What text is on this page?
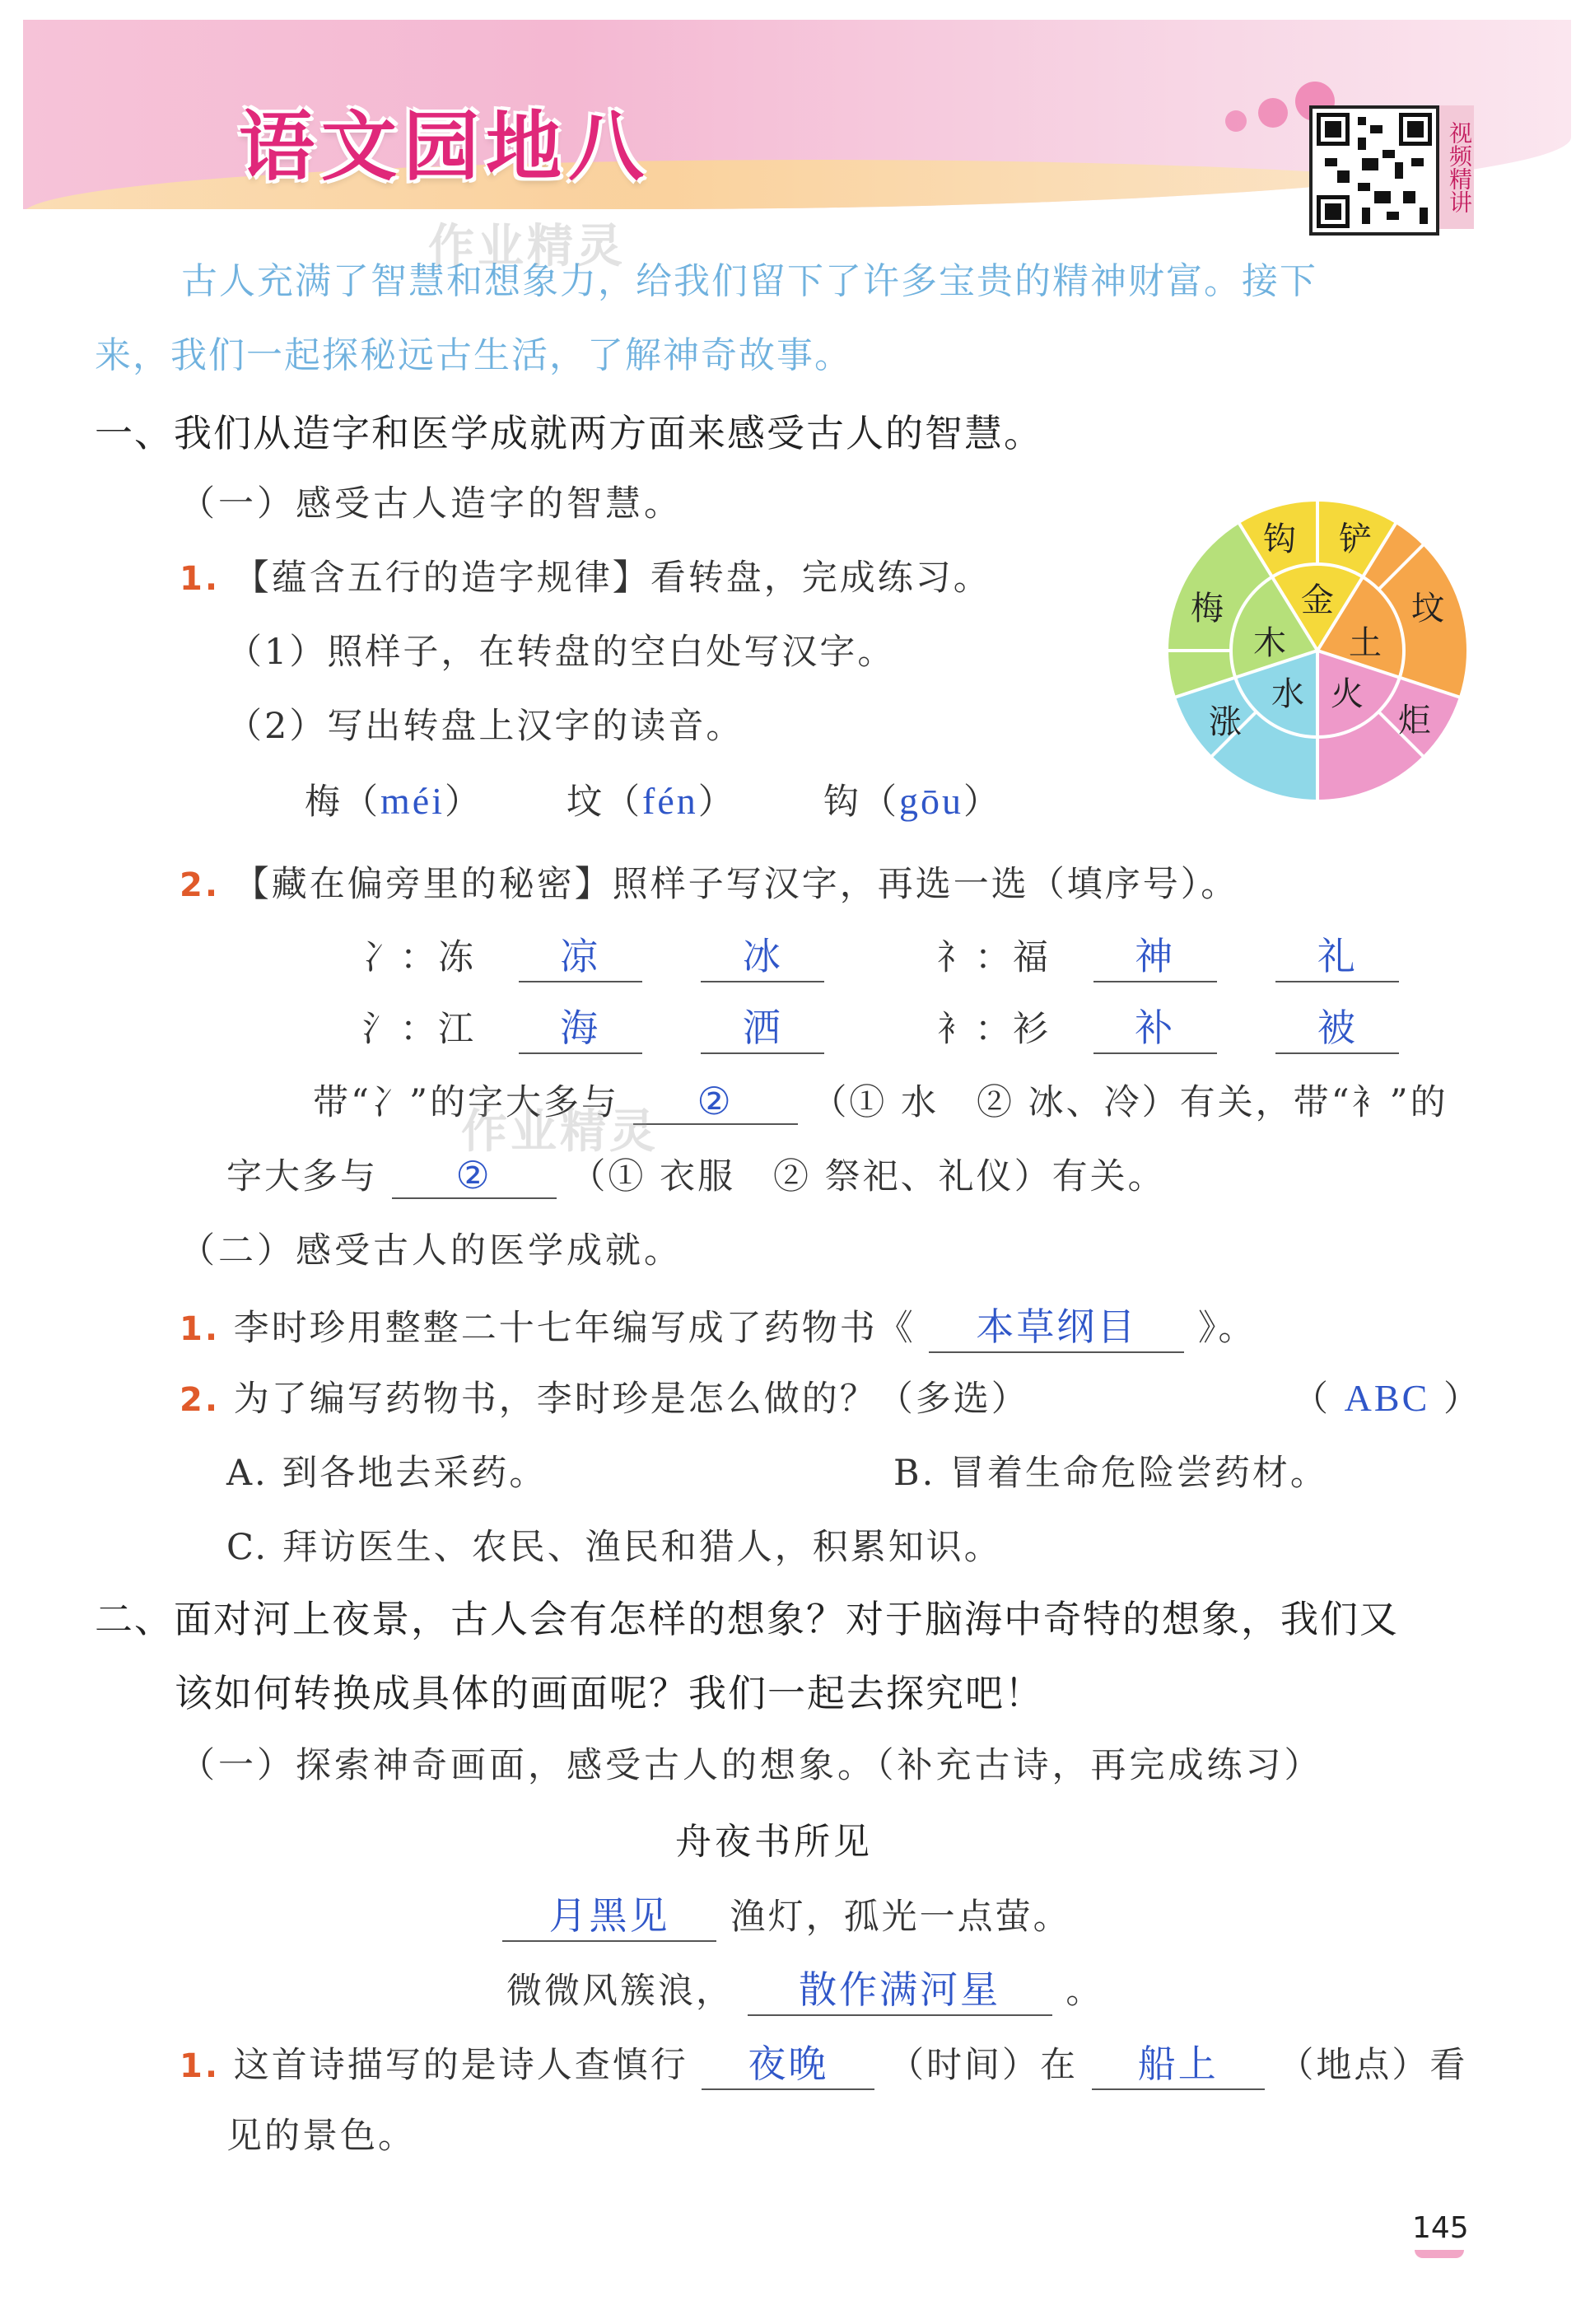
语文园地八	视频精讲
古人充满了智慧和想象力，给我们留下了许多宝贵的精神财富。接下
来，我们一起探秘远古生活，了解神奇故事。
作业精灵
一、我们从造字和医学成就两方面来感受古人的智慧。
（一）感受古人造字的智慧。
1. 【蕴含五行的造字规律】看转盘，完成练习。
（1）照样子，在转盘的空白处写汉字。
（2）写出转盘上汉字的读音。
梅（méi） 坟（fén） 钩（gōu）
金
土
火
水
木
钩 铲
坟
炬
涨
梅
2. 【藏在偏旁里的秘密】照样子写汉字，再选一选（填序号）。
冫：冻 凉	冰	礻：福 神	礼
氵：江 海	洒	衤：衫 补	被
带“冫”的字大多与 ② （① 水　② 冰、冷）有关，带“衤”的
作业精灵
字大多与 ② （① 衣服　② 祭祀、礼仪）有关。
（二）感受古人的医学成就。
1. 李时珍用整整二十七年编写成了药物书《 本草纲目 》。
2. 为了编写药物书，李时珍是怎么做的？（多选）	（ ABC ）
A. 到各地去采药。	B. 冒着生命危险尝药材。
C. 拜访医生、农民、渔民和猎人，积累知识。
二、面对河上夜景，古人会有怎样的想象？对于脑海中奇特的想象，我们又
该如何转换成具体的画面呢？我们一起去探究吧！
（一）探索神奇画面，感受古人的想象。（补充古诗，再完成练习）
舟夜书所见
月黑见 渔灯，孤光一点萤。
微微风簇浪， 散作满河星 。
1. 这首诗描写的是诗人查慎行 夜晚 （时间）在 船上 （地点）看
见的景色。
145
